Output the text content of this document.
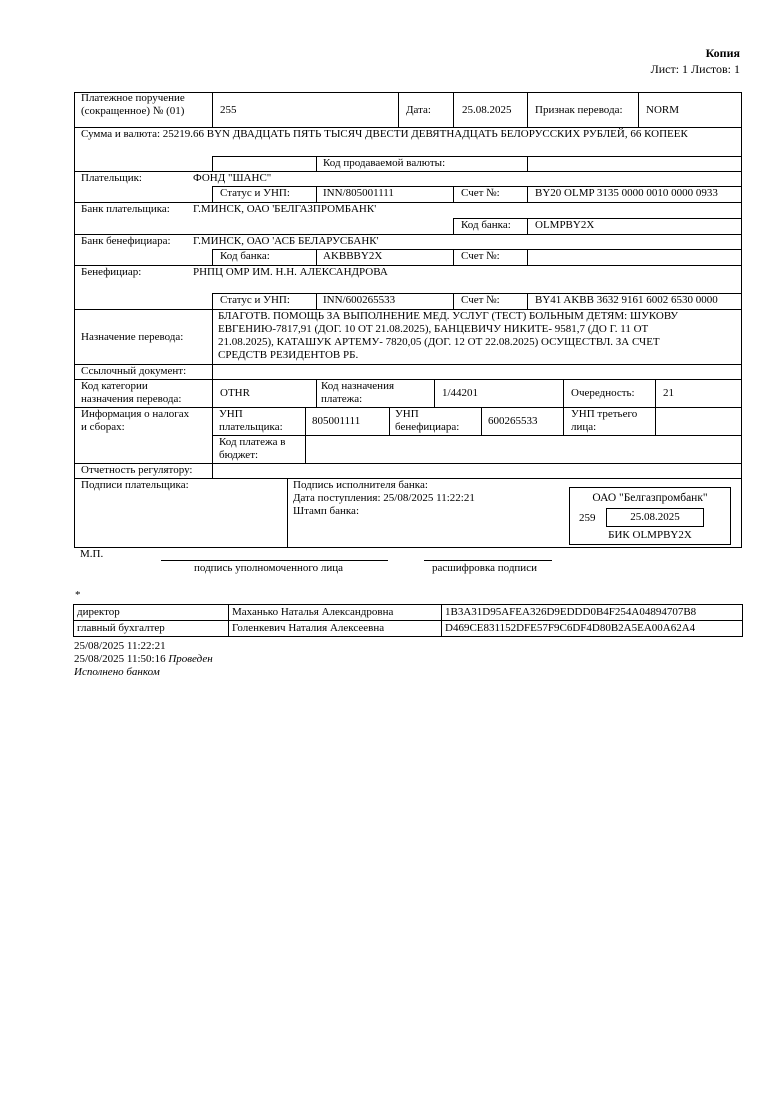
Копия
Лист: 1 Листов: 1
Платежное поручение (сокращенное) № (01)	255	Дата:	25.08.2025 Признак перевода: NORM
Сумма и валюта: 25219.66 BYN ДВАДЦАТЬ ПЯТЬ ТЫСЯЧ ДВЕСТИ ДЕВЯТНАДЦАТЬ БЕЛОРУССКИХ РУБЛЕЙ, 66 КОПЕЕК
Код продаваемой валюты:
Плательщик:	ФОНД "ШАНС"
Статус и УНП:	INN/805001111	Счет №:	BY20 OLMP 3135 0000 0010 0000 0933
Банк плательщика: Г.МИНСК, ОАО 'БЕЛГАЗПРОМБАНК'
Код банка: OLMPBY2X
Банк бенефициара: Г.МИНСК, ОАО 'АСБ БЕЛАРУСБАНК'
Код банка:	AKBBBY2X	Счет №:
Бенефициар:	РНПЦ ОМР ИМ. Н.Н. АЛЕКСАНДРОВА
Статус и УНП:	INN/600265533	Счет №:	BY41 AKBB 3632 9161 6002 6530 0000
Назначение перевода:
БЛАГОТВ. ПОМОЩЬ ЗА ВЫПОЛНЕНИЕ МЕД. УСЛУГ (ТЕСТ) БОЛЬНЫМ ДЕТЯМ: ШУКОВУ
ЕВГЕНИЮ-7817,91 (ДОГ. 10 ОТ 21.08.2025), БАНЦЕВИЧУ НИКИТЕ- 9581,7 (ДО Г. 11 ОТ
21.08.2025), КАТАШУК АРТЕМУ- 7820,05 (ДОГ. 12 ОТ 22.08.2025) ОСУЩЕСТВЛ. ЗА СЧЕТ
СРЕДСТВ РЕЗИДЕНТОВ РБ.
Ссылочный документ:
Код категории
назначения перевода:	OTHR
Код назначения
платежа:	1/44201	Очередность:	21
Информация о налогах
и сборах:
УНП
плательщика:	805001111
УНП
бенефициара:	600265533
УНП третьего
лица:
Код платежа в
бюджет:
Отчетность регулятору:
Подписи плательщика:	Подпись исполнителя банка:
Дата поступления: 25/08/2025 11:22:21
Штамп банка:
ОАО "Белгазпромбанк"
259	25.08.2025
БИК OLMPBY2X
М.П.
подпись уполномоченного лица	расшифровка подписи
*
директор	Маханько Наталья Александровна	1B3A31D95AFEA326D9EDDD0B4F254A04894707B8
главный бухгалтер	Голенкевич Наталия Алексеевна	D469CE831152DFE57F9C6DF4D80B2A5EA00A62A4
25/08/2025 11:22:21
25/08/2025 11:50:16 Проведен
Исполнено банком
